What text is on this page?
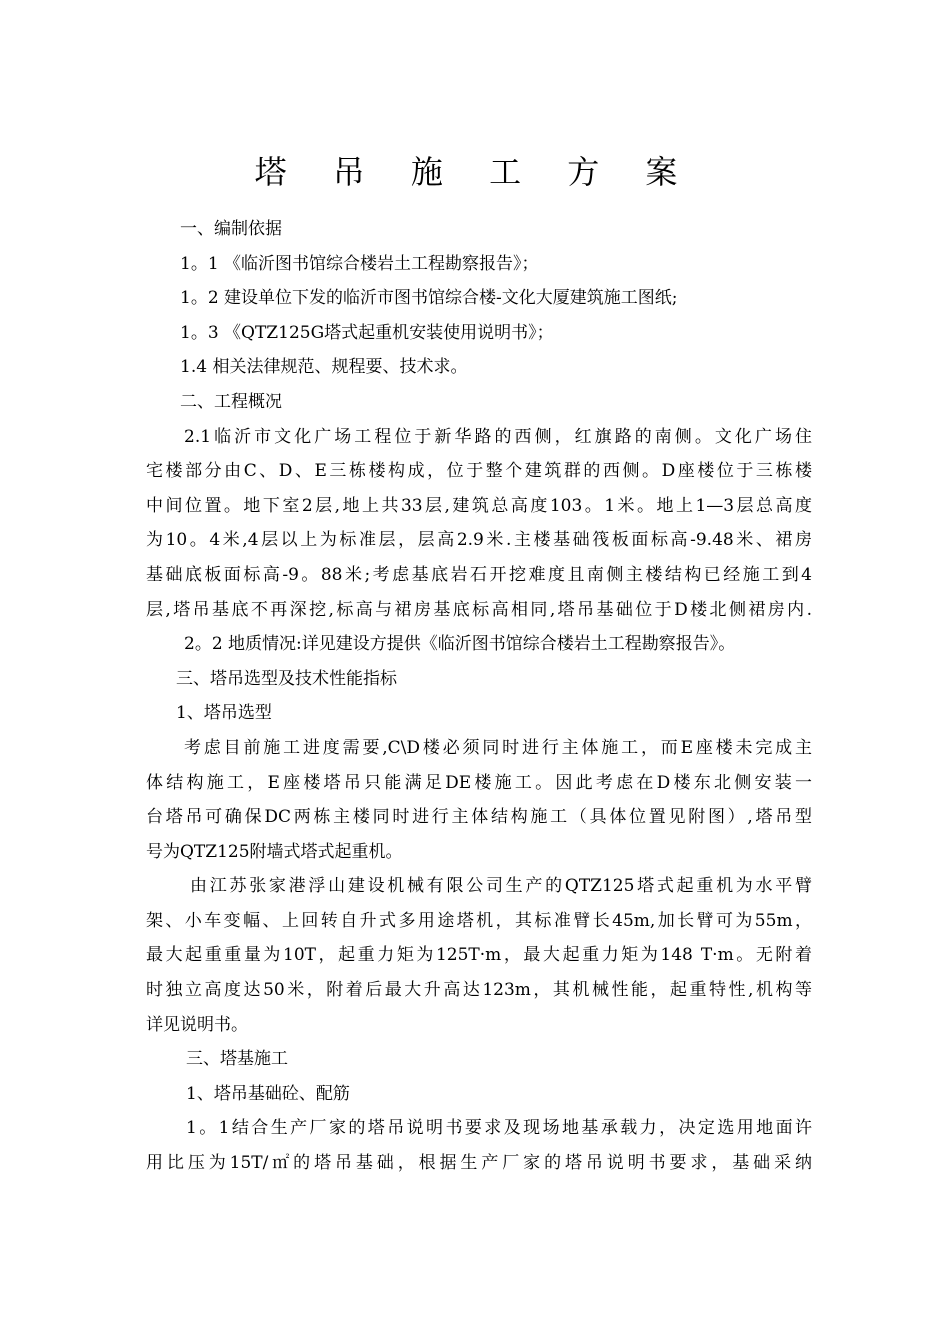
塔 吊 施 工 方 案
一、编制依据
1。1 《临沂图书馆综合楼岩土工程勘察报告》；
1。2 建设单位下发的临沂市图书馆综合楼-文化大厦建筑施工图纸;
1。3 《QTZ125G塔式起重机安装使用说明书》；
1.4 相关法律规范、规程要、技术求。
二、工程概况
2.1临沂市文化广场工程位于新华路的西侧，红旗路的南侧。文化广场住
宅楼部分由C、D、E三栋楼构成，位于整个建筑群的西侧。D座楼位于三栋楼
中间位置。地下室2层,地上共33层,建筑总高度103。1米。地上1—3层总高度
为10。4米,4层以上为标准层，层高2.9米.主楼基础筏板面标高-9.48米、裙房
基础底板面标高-9。88米;考虑基底岩石开挖难度且南侧主楼结构已经施工到4
层,塔吊基底不再深挖,标高与裙房基底标高相同,塔吊基础位于D楼北侧裙房内.
2。2 地质情况:详见建设方提供《临沂图书馆综合楼岩土工程勘察报告》。
三、塔吊选型及技术性能指标
1、塔吊选型
考虑目前施工进度需要,C\D楼必须同时进行主体施工，而E座楼未完成主
体结构施工，E座楼塔吊只能满足DE楼施工。因此考虑在D楼东北侧安装一
台塔吊可确保DC两栋主楼同时进行主体结构施工（具体位置见附图）,塔吊型
号为QTZ125附墙式塔式起重机。
由江苏张家港浮山建设机械有限公司生产的QTZ125塔式起重机为水平臂
架、小车变幅、上回转自升式多用途塔机，其标准臂长45m,加长臂可为55m，
最大起重重量为10T，起重力矩为125T·m，最大起重力矩为148 T·m。无附着
时独立高度达50米，附着后最大升高达123m，其机械性能，起重特性,机构等
详见说明书。
三、塔基施工
1、塔吊基础砼、配筋
1。1结合生产厂家的塔吊说明书要求及现场地基承载力，决定选用地面许
用比压为15T/㎡的塔吊基础，根据生产厂家的塔吊说明书要求，基础采纳
